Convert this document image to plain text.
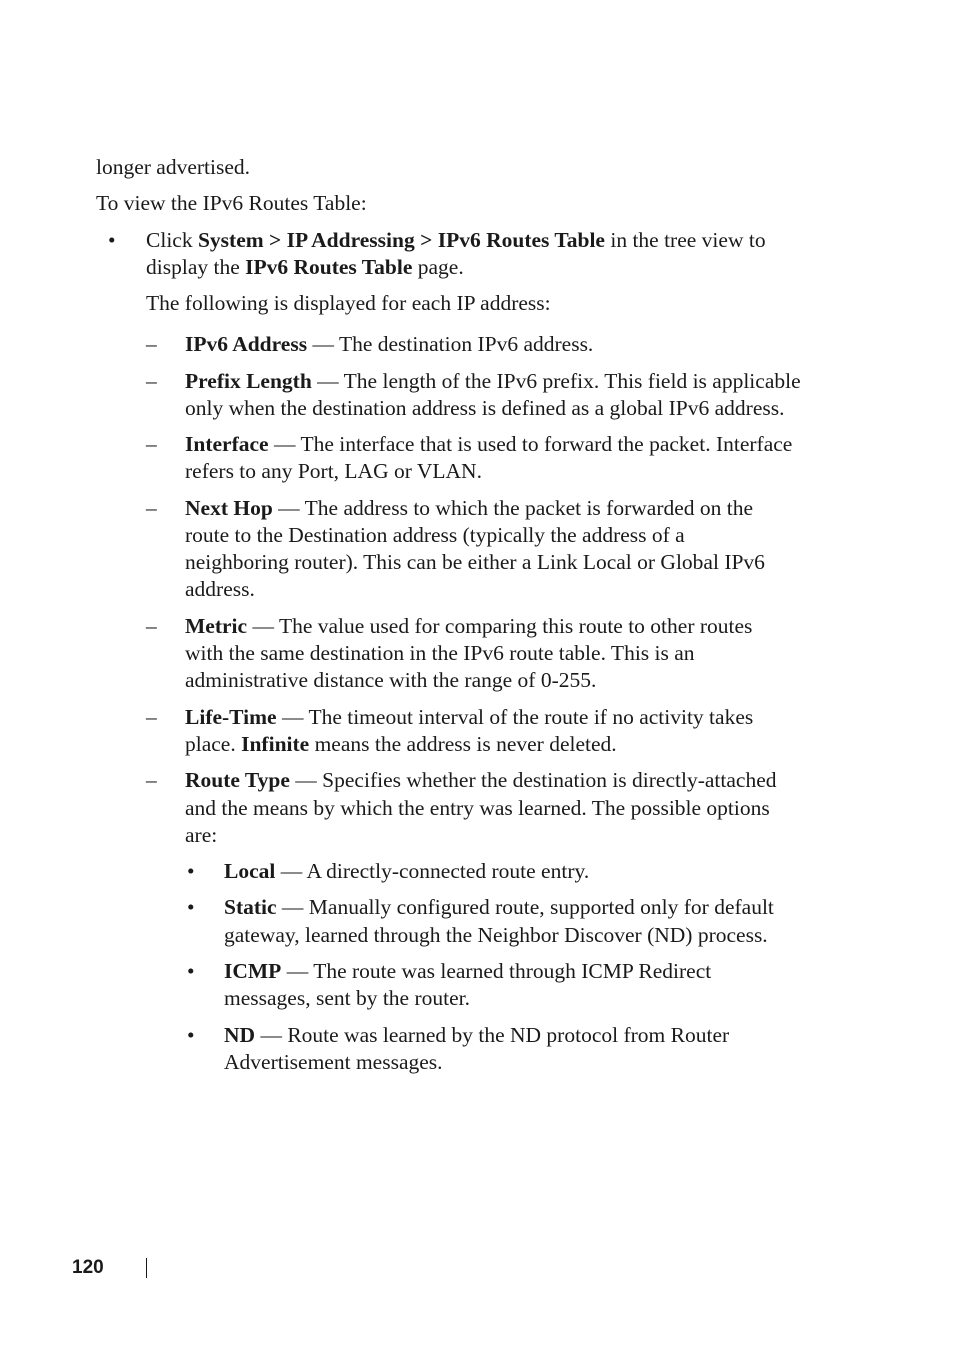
longer advertised.

To view the IPv6 Routes Table:

• Click System > IP Addressing > IPv6 Routes Table in the tree view to

display the IPv6 Routes Table page.

The following is displayed for each IP address:

– IPv6 Address — The destination IPv6 address.

– Prefix Length — The length of the IPv6 prefix. This field is applicable

only when the destination address is defined as a global IPv6 address.

– Interface — The interface that is used to forward the packet. Interface

refers to any Port, LAG or VLAN.

– Next Hop — The address to which the packet is forwarded on the

route to the Destination address (typically the address of a

neighboring router). This can be either a Link Local or Global IPv6

address.

– Metric — The value used for comparing this route to other routes

with the same destination in the IPv6 route table. This is an

administrative distance with the range of 0-255.

– Life-Time — The timeout interval of the route if no activity takes

place. Infinite means the address is never deleted.

– Route Type — Specifies whether the destination is directly-attached

and the means by which the entry was learned. The possible options

are:

• Local — A directly-connected route entry.

• Static — Manually configured route, supported only for default

gateway, learned through the Neighbor Discover (ND) process.

• ICMP — The route was learned through ICMP Redirect

messages, sent by the router.

• ND — Route was learned by the ND protocol from Router

Advertisement messages.

120
